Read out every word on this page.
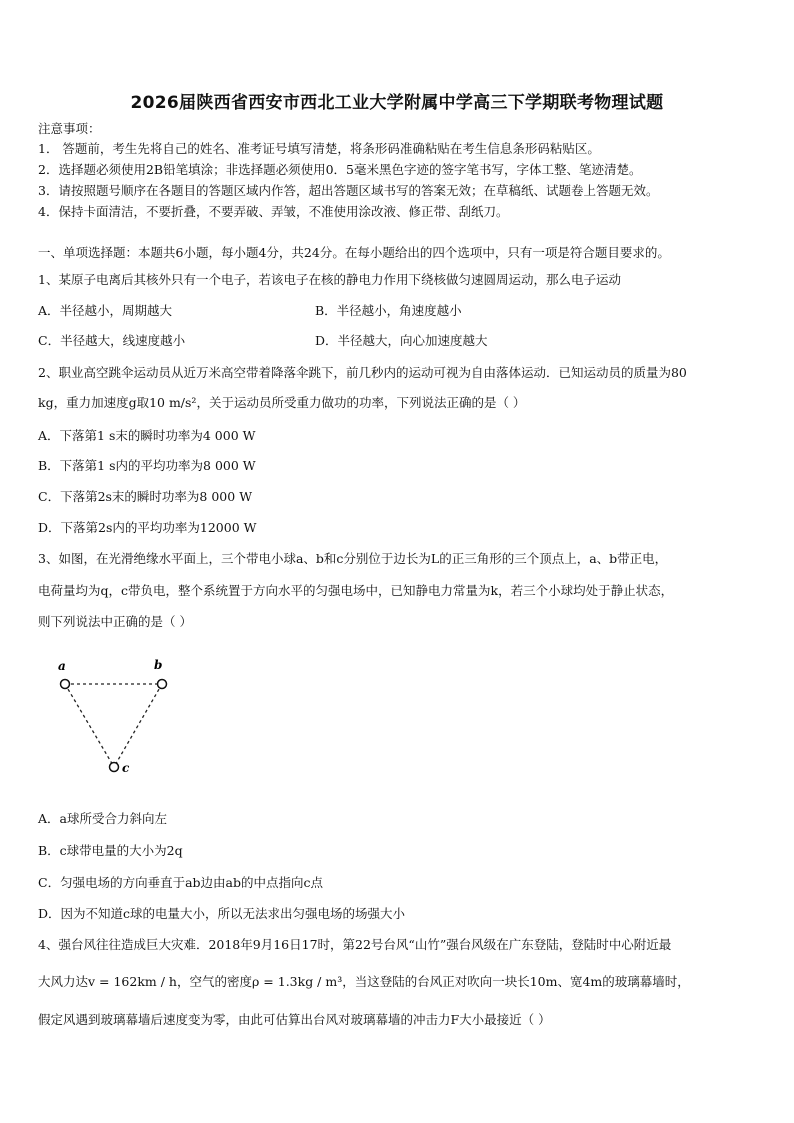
2026届陕西省西安市西北工业大学附属中学高三下学期联考物理试题
注意事项：
1． 答题前，考生先将自己的姓名、准考证号填写清楚，将条形码准确粘贴在考生信息条形码粘贴区。
2．选择题必须使用2B铅笔填涂；非选择题必须使用0．5毫米黑色字迹的签字笔书写，字体工整、笔迹清楚。
3．请按照题号顺序在各题目的答题区域内作答，超出答题区域书写的答案无效；在草稿纸、试题卷上答题无效。
4．保持卡面清洁，不要折叠，不要弄破、弄皱，不准使用涂改液、修正带、刮纸刀。
一、单项选择题：本题共6小题，每小题4分，共24分。在每小题给出的四个选项中，只有一项是符合题目要求的。
1、某原子电离后其核外只有一个电子，若该电子在核的静电力作用下绕核做匀速圆周运动，那么电子运动
A．半径越小，周期越大	B．半径越小，角速度越小
C．半径越大，线速度越小	D．半径越大，向心加速度越大
2、职业高空跳伞运动员从近万米高空带着降落伞跳下，前几秒内的运动可视为自由落体运动．已知运动员的质量为80
kg，重力加速度g取10 m/s²，关于运动员所受重力做功的功率，下列说法正确的是（ ）
A．下落第1 s末的瞬时功率为4 000 W
B．下落第1 s内的平均功率为8 000 W
C．下落第2s末的瞬时功率为8 000 W
D．下落第2s内的平均功率为12000 W
3、如图，在光滑绝缘水平面上，三个带电小球a、b和c分别位于边长为L的正三角形的三个顶点上，a、b带正电，
电荷量均为q，c带负电，整个系统置于方向水平的匀强电场中，已知静电力常量为k，若三个小球均处于静止状态，
则下列说法中正确的是（ ）
a	b
c
A．a球所受合力斜向左
B．c球带电量的大小为2q
C．匀强电场的方向垂直于ab边由ab的中点指向c点
D．因为不知道c球的电量大小，所以无法求出匀强电场的场强大小
4、强台风往往造成巨大灾难．2018年9月16日17时，第22号台风“山竹”强台风级在广东登陆，登陆时中心附近最
大风力达v = 162km / h，空气的密度ρ = 1.3kg / m³，当这登陆的台风正对吹向一块长10m、宽4m的玻璃幕墙时，
假定风遇到玻璃幕墙后速度变为零，由此可估算出台风对玻璃幕墙的冲击力F大小最接近（ ）
